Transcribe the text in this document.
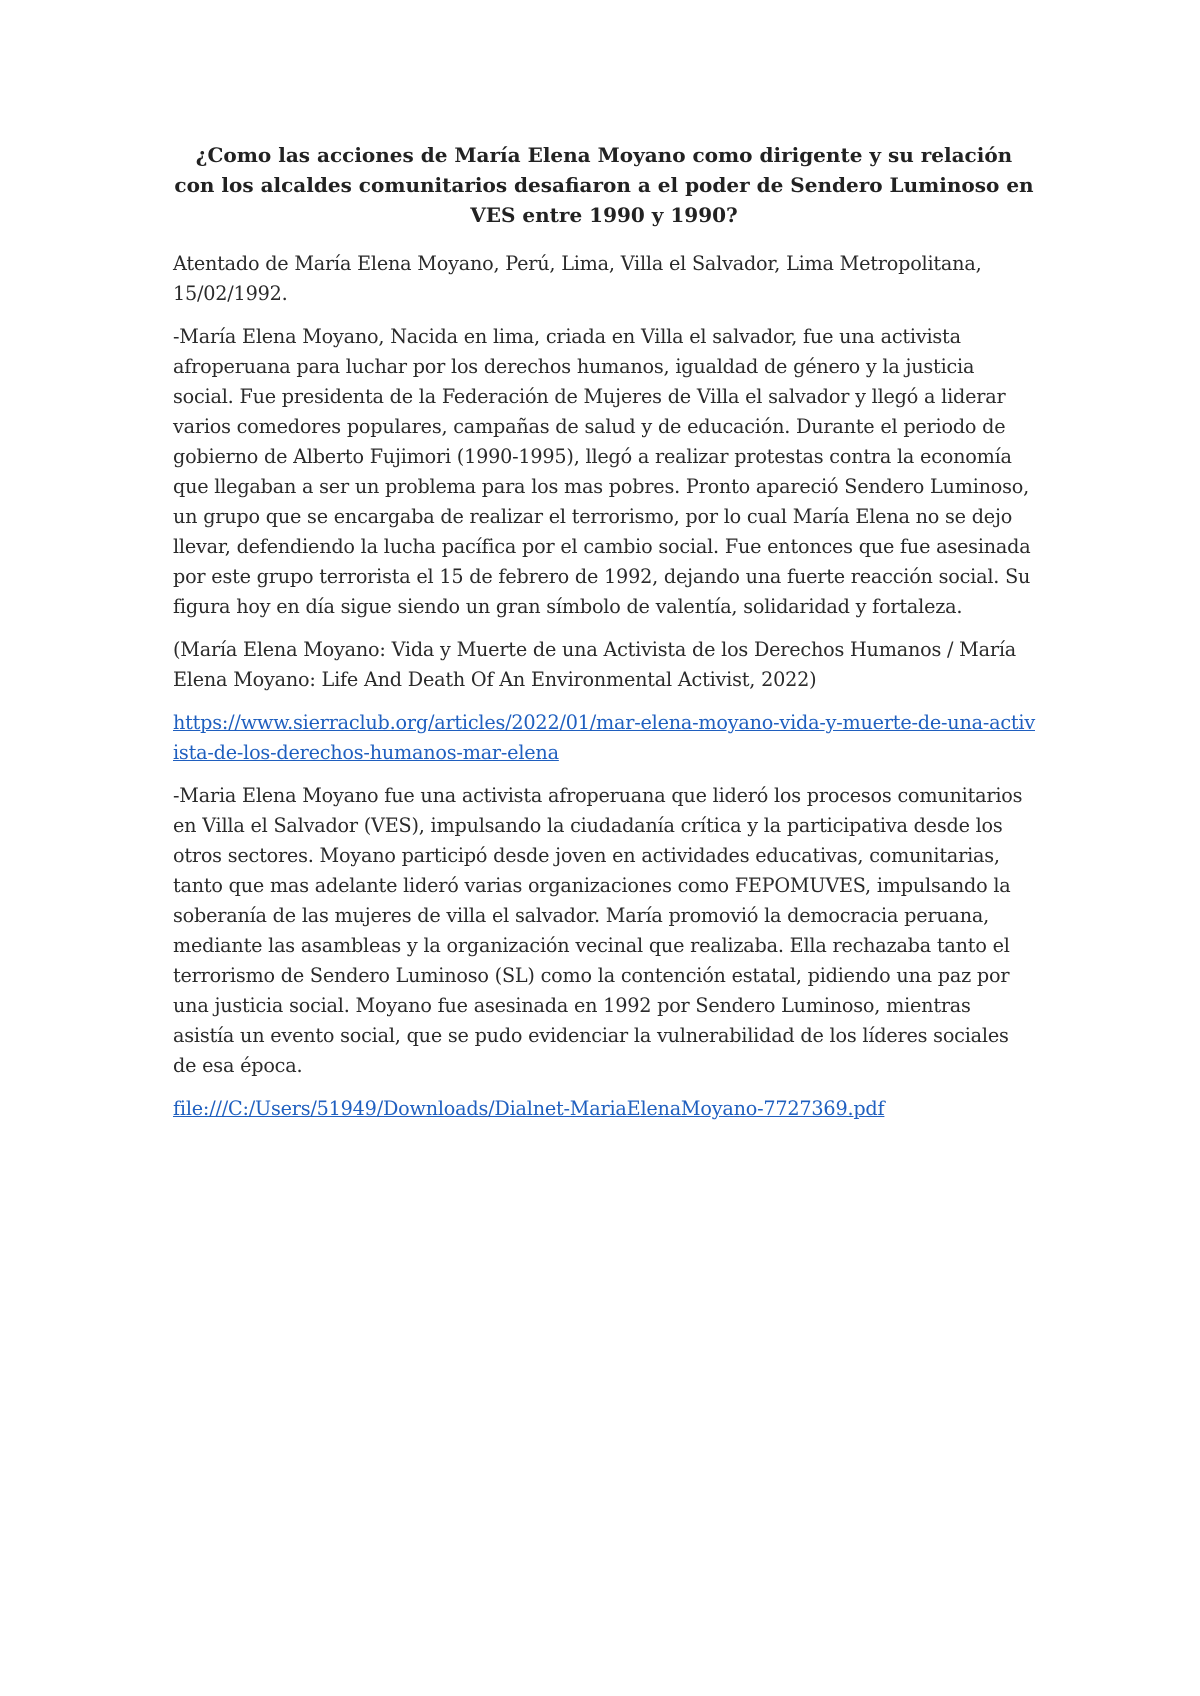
¿Como las acciones de María Elena Moyano como dirigente y su relación con los alcaldes comunitarios desafiaron a el poder de Sendero Luminoso en VES entre 1990 y 1990?

Atentado de María Elena Moyano, Perú, Lima, Villa el Salvador, Lima Metropolitana, 15/02/1992.

-María Elena Moyano, Nacida en lima, criada en Villa el salvador, fue una activista afroperuana para luchar por los derechos humanos, igualdad de género y la justicia social. Fue presidenta de la Federación de Mujeres de Villa el salvador y llegó a liderar varios comedores populares, campañas de salud y de educación. Durante el periodo de gobierno de Alberto Fujimori (1990-1995), llegó a realizar protestas contra la economía que llegaban a ser un problema para los mas pobres. Pronto apareció Sendero Luminoso, un grupo que se encargaba de realizar el terrorismo, por lo cual María Elena no se dejo llevar, defendiendo la lucha pacífica por el cambio social. Fue entonces que fue asesinada por este grupo terrorista el 15 de febrero de 1992, dejando una fuerte reacción social. Su figura hoy en día sigue siendo un gran símbolo de valentía, solidaridad y fortaleza.

(María Elena Moyano: Vida y Muerte de una Activista de los Derechos Humanos / María Elena Moyano: Life And Death Of An Environmental Activist, 2022)

https://www.sierraclub.org/articles/2022/01/mar-elena-moyano-vida-y-muerte-de-una-activista-de-los-derechos-humanos-mar-elena

-Maria Elena Moyano fue una activista afroperuana que lideró los procesos comunitarios en Villa el Salvador (VES), impulsando la ciudadanía crítica y la participativa desde los otros sectores. Moyano participó desde joven en actividades educativas, comunitarias, tanto que mas adelante lideró varias organizaciones como FEPOMUVES, impulsando la soberanía de las mujeres de villa el salvador. María promovió la democracia peruana, mediante las asambleas y la organización vecinal que realizaba. Ella rechazaba tanto el terrorismo de Sendero Luminoso (SL) como la contención estatal, pidiendo una paz por una justicia social. Moyano fue asesinada en 1992 por Sendero Luminoso, mientras asistía un evento social, que se pudo evidenciar la vulnerabilidad de los líderes sociales de esa época.

file:///C:/Users/51949/Downloads/Dialnet-MariaElenaMoyano-7727369.pdf
